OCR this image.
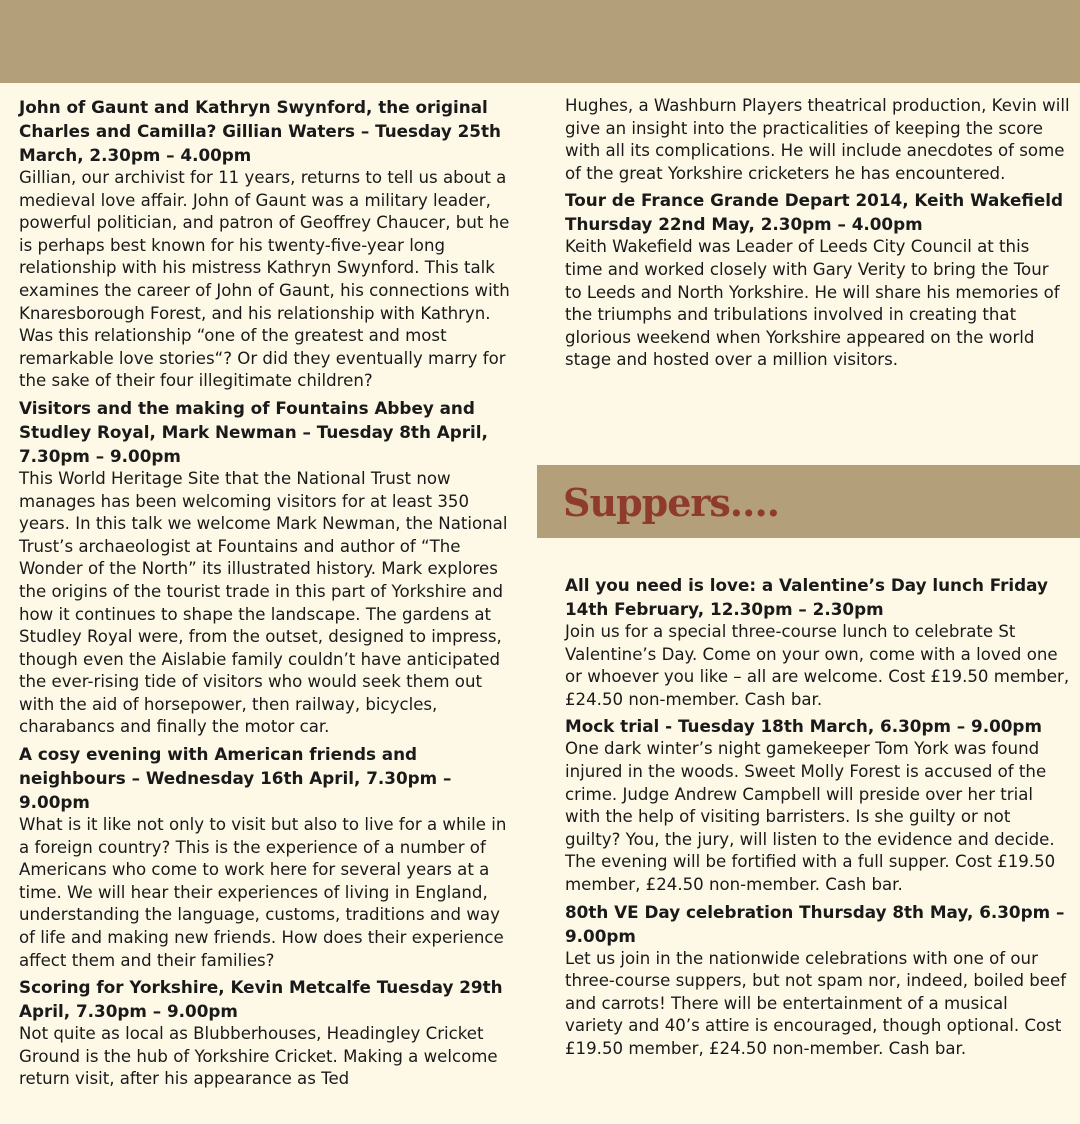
John of Gaunt and Kathryn Swynford, the original Charles and Camilla? Gillian Waters – Tuesday 25th March, 2.30pm – 4.00pm

Gillian, our archivist for 11 years, returns to tell us about a medieval love affair. John of Gaunt was a military leader, powerful politician, and patron of Geoffrey Chaucer, but he is perhaps best known for his twenty-five-year long relationship with his mistress Kathryn Swynford. This talk examines the career of John of Gaunt, his connections with Knaresborough Forest, and his relationship with Kathryn. Was this relationship “one of the greatest and most remarkable love stories“? Or did they eventually marry for the sake of their four illegitimate children?

Visitors and the making of Fountains Abbey and Studley Royal, Mark Newman – Tuesday 8th April, 7.30pm – 9.00pm

This World Heritage Site that the National Trust now manages has been welcoming visitors for at least 350 years. In this talk we welcome Mark Newman, the National Trust’s archaeologist at Fountains and author of “The Wonder of the North” its illustrated history. Mark explores the origins of the tourist trade in this part of Yorkshire and how it continues to shape the landscape. The gardens at Studley Royal were, from the outset, designed to impress, though even the Aislabie family couldn’t have anticipated the ever-rising tide of visitors who would seek them out with the aid of horsepower, then railway, bicycles, charabancs and finally the motor car.

A cosy evening with American friends and neighbours – Wednesday 16th April, 7.30pm – 9.00pm

What is it like not only to visit but also to live for a while in a foreign country? This is the experience of a number of Americans who come to work here for several years at a time. We will hear their experiences of living in England, understanding the language, customs, traditions and way of life and making new friends. How does their experience affect them and their families?

Scoring for Yorkshire, Kevin Metcalfe Tuesday 29th April, 7.30pm – 9.00pm

Not quite as local as Blubberhouses, Headingley Cricket Ground is the hub of Yorkshire Cricket. Making a welcome return visit, after his appearance as Ted

Hughes, a Washburn Players theatrical production, Kevin will give an insight into the practicalities of keeping the score with all its complications. He will include anecdotes of some of the great Yorkshire cricketers he has encountered.

Tour de France Grande Depart 2014, Keith Wakefield Thursday 22nd May, 2.30pm – 4.00pm

Keith Wakefield was Leader of Leeds City Council at this time and worked closely with Gary Verity to bring the Tour to Leeds and North Yorkshire. He will share his memories of the triumphs and tribulations involved in creating that glorious weekend when Yorkshire appeared on the world stage and hosted over a million visitors.

Suppers….

All you need is love: a Valentine’s Day lunch Friday 14th February, 12.30pm – 2.30pm

Join us for a special three-course lunch to celebrate St Valentine’s Day. Come on your own, come with a loved one or whoever you like – all are welcome. Cost £19.50 member, £24.50 non-member. Cash bar.

Mock trial - Tuesday 18th March, 6.30pm – 9.00pm

One dark winter’s night gamekeeper Tom York was found injured in the woods. Sweet Molly Forest is accused of the crime. Judge Andrew Campbell will preside over her trial with the help of visiting barristers. Is she guilty or not guilty? You, the jury, will listen to the evidence and decide. The evening will be fortified with a full supper. Cost £19.50 member, £24.50 non-member. Cash bar.

80th VE Day celebration Thursday 8th May, 6.30pm – 9.00pm

Let us join in the nationwide celebrations with one of our three-course suppers, but not spam nor, indeed, boiled beef and carrots! There will be entertainment of a musical variety and 40’s attire is encouraged, though optional. Cost £19.50 member, £24.50 non-member. Cash bar.
